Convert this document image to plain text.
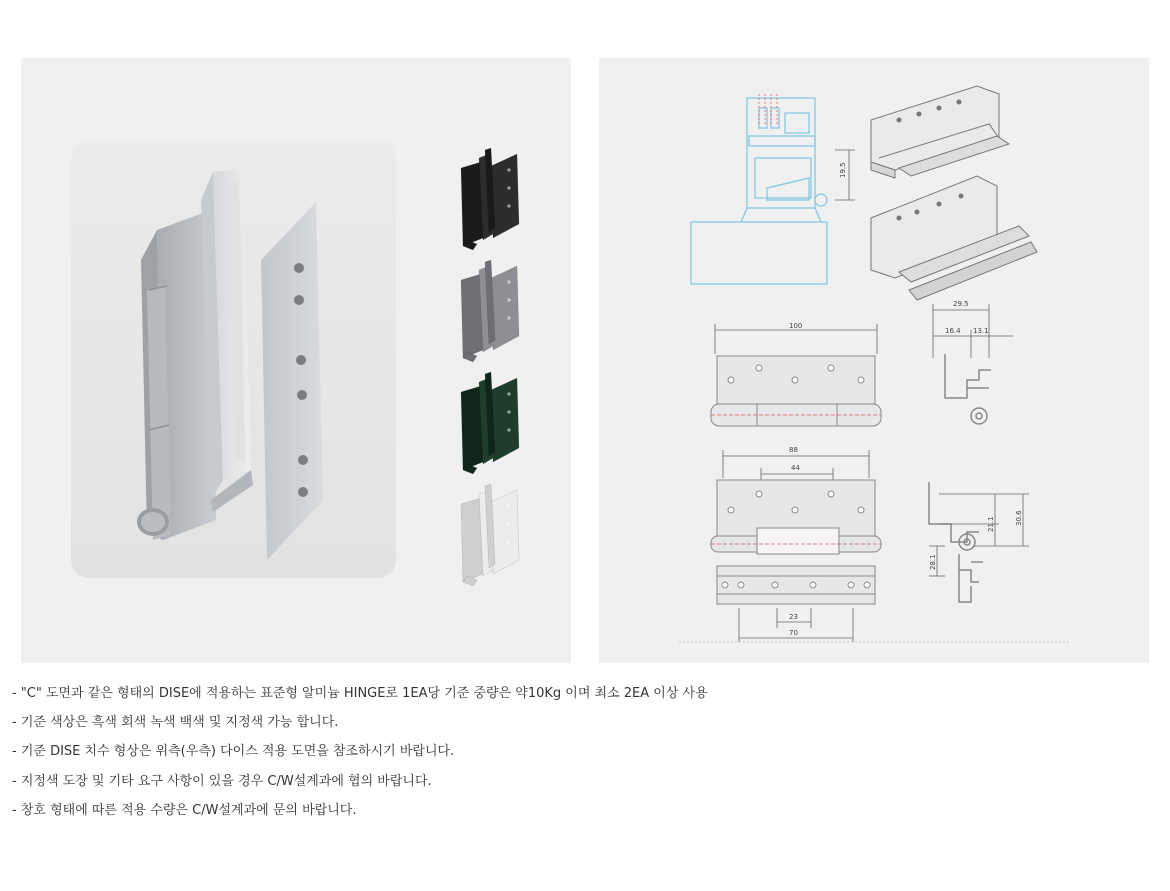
19.5
100
29.5
16.4 13.1
88
44
23
70
21.1	30.6
28.1
- "C" 도면과 같은 형태의 DISE에 적용하는 표준형 알미늄 HINGE로 1EA당 기준 중량은 약10Kg 이며 최소 2EA 이상 사용
- 기준 색상은 흑색 회색 녹색 백색 및 지정색 가능 합니다.
- 기준 DISE 치수 형상은 위측(우측) 다이스 적용 도면을 참조하시기 바랍니다.
- 지정색 도장 및 기타 요구 사항이 있을 경우 C/W설계과에 협의 바랍니다.
- 창호 형태에 따른 적용 수량은 C/W설계과에 문의 바랍니다.
